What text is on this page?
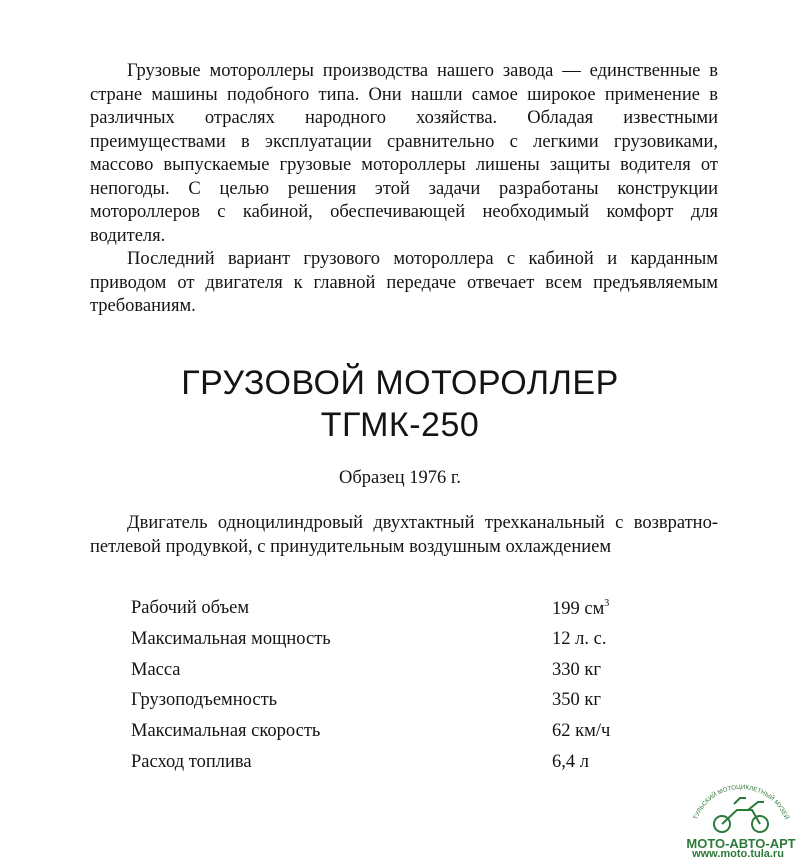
Грузовые мотороллеры производства нашего завода — единственные в стране машины подобного типа. Они нашли самое широкое применение в различных отраслях народного хозяйства. Обладая известными преимуществами в эксплуатации сравнительно с легкими грузовиками, массово выпускаемые грузовые мотороллеры лишены защиты водителя от непогоды. С целью решения этой задачи разработаны конструкции мотороллеров с кабиной, обеспечивающей необходимый комфорт для водителя.

Последний вариант грузового мотороллера с кабиной и карданным приводом от двигателя к главной передаче отвечает всем предъявляемым требованиям.

ГРУЗОВОЙ МОТОРОЛЛЕР
ТГМК-250
Образец 1976 г.

Двигатель одноцилиндровый двухтактный трехканальный с возвратно-петлевой продувкой, с принудительным воздушным охлаждением

Рабочий объем	199 $см^3$
Максимальная мощность	12 л. с.
Масса	330 кг
Грузоподъемность	350 кг
Максимальная скорость	62 км/ч
Расход топлива	6,4 л
ТУЛЬСКИЙ МОТОЦИКЛЕТНЫЙ МУЗЕЙ
МОТО-АВТО-АРТ
www.moto.tula.ru
